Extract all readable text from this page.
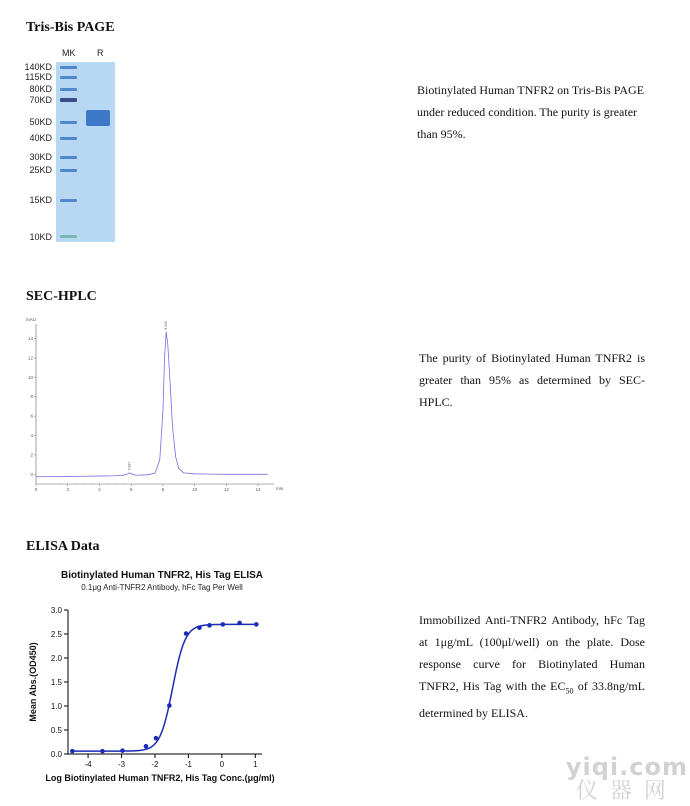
Tris-Bis PAGE
MK R
140KD
115KD
80KD
70KD
50KD
40KD
30KD
25KD
15KD
10KD
Biotinylated Human TNFR2 on Tris-Bis PAGE under reduced condition. The purity is greater than 95%.
SEC-HPLC
mAU
min
0
2
4
6
8
10
12
14
0	2	4	6	8	10	12	14
5.887
8.206
The purity of Biotinylated Human TNFR2 is greater than 95% as determined by SEC-HPLC.
ELISA Data
Biotinylated Human TNFR2, His Tag ELISA
0.1μg Anti-TNFR2 Antibody, hFc Tag Per Well
0.0
0.5
1.0
1.5
2.0
2.5
3.0
-4	-3	-2	-1	0	1
Mean Abs.(OD450)
Log Biotinylated Human TNFR2, His Tag Conc.(μg/ml)
Immobilized Anti-TNFR2 Antibody, hFc Tag at 1μg/mL (100μl/well) on the plate. Dose response curve for Biotinylated Human TNFR2, His Tag with the $EC_{50}$ of 33.8ng/mL determined by ELISA.
yiqi.com
仪器网
